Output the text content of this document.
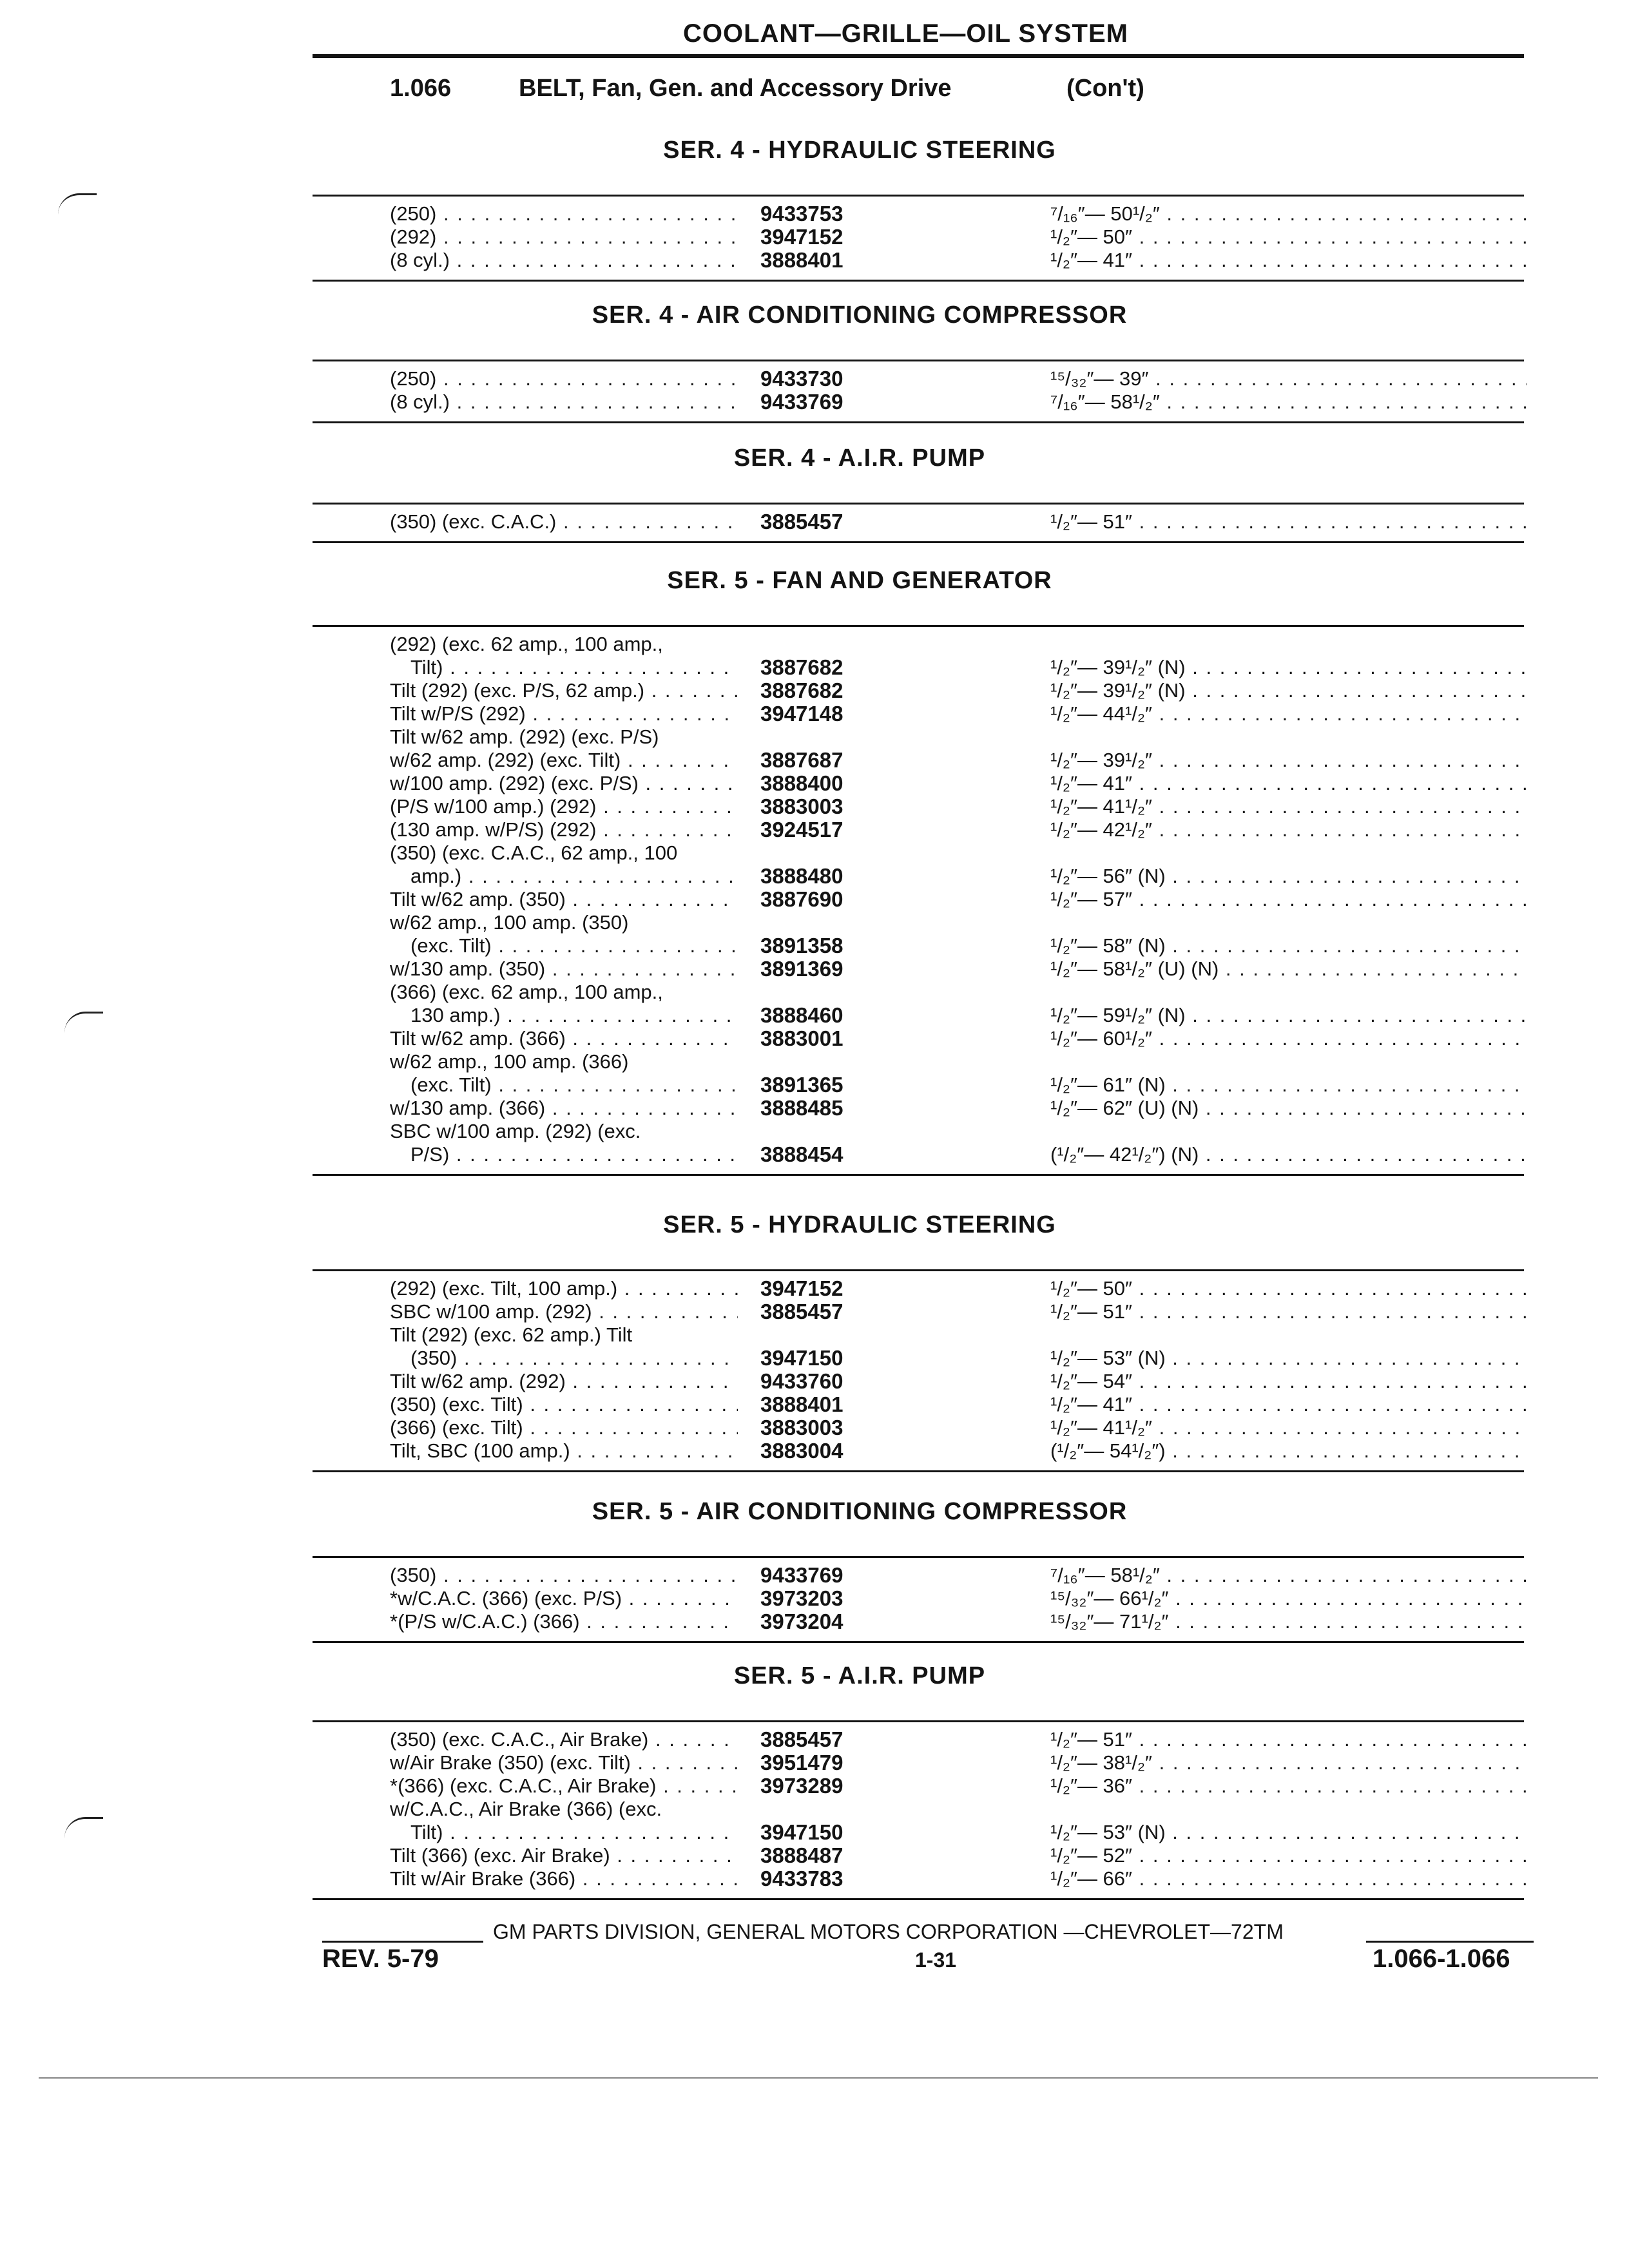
COOLANT—GRILLE—OIL SYSTEM
1.066	BELT, Fan, Gen. and Accessory Drive	(Con't)
SER. 4 - HYDRAULIC STEERING
(250) . . .	9433753	⁷/₁₆″— 50¹/₂″ . . .
(292) . . .	3947152	¹/₂″— 50″ . . .
(8 cyl.) . . .	3888401	¹/₂″— 41″ . . .
SER. 4 - AIR CONDITIONING COMPRESSOR
(250) . . .	9433730	¹⁵/₃₂″— 39″ . . .
(8 cyl.) . . .	9433769	⁷/₁₆″— 58¹/₂″ . . .
SER. 4 - A.I.R. PUMP
(350) (exc. C.A.C.) . . .	3885457	¹/₂″— 51″ . . .
SER. 5 - FAN AND GENERATOR
(292) (exc. 62 amp., 100 amp.,
Tilt) . . .	3887682	¹/₂″— 39¹/₂″ (N) . . .
Tilt (292) (exc. P/S, 62 amp.) . . .	3887682	¹/₂″— 39¹/₂″ (N) . . .
Tilt w/P/S (292) . . .	3947148	¹/₂″— 44¹/₂″ . . .
Tilt w/62 amp. (292) (exc. P/S)
w/62 amp. (292) (exc. Tilt) . . .	3887687	¹/₂″— 39¹/₂″ . . .
w/100 amp. (292) (exc. P/S) . . .	3888400	¹/₂″— 41″ . . .
(P/S w/100 amp.) (292) . . .	3883003	¹/₂″— 41¹/₂″ . . .
(130 amp. w/P/S) (292) . . .	3924517	¹/₂″— 42¹/₂″ . . .
(350) (exc. C.A.C., 62 amp., 100
amp.) . . .	3888480	¹/₂″— 56″ (N) . . .
Tilt w/62 amp. (350) . . .	3887690	¹/₂″— 57″ . . .
w/62 amp., 100 amp. (350)
(exc. Tilt) . . .	3891358	¹/₂″— 58″ (N) . . .
w/130 amp. (350) . . .	3891369	¹/₂″— 58¹/₂″ (U) (N) . . .
(366) (exc. 62 amp., 100 amp.,
130 amp.) . . .	3888460	¹/₂″— 59¹/₂″ (N) . . .
Tilt w/62 amp. (366) . . .	3883001	¹/₂″— 60¹/₂″ . . .
w/62 amp., 100 amp. (366)
(exc. Tilt) . . .	3891365	¹/₂″— 61″ (N) . . .
w/130 amp. (366) . . .	3888485	¹/₂″— 62″ (U) (N) . . .
SBC w/100 amp. (292) (exc.
P/S) . . .	3888454	(¹/₂″— 42¹/₂″) (N) . . .
SER. 5 - HYDRAULIC STEERING
(292) (exc. Tilt, 100 amp.) . . .	3947152	¹/₂″— 50″ . . .
SBC w/100 amp. (292) . . .	3885457	¹/₂″— 51″ . . .
Tilt (292) (exc. 62 amp.) Tilt
(350) . . .	3947150	¹/₂″— 53″ (N) . . .
Tilt w/62 amp. (292) . . .	9433760	¹/₂″— 54″ . . .
(350) (exc. Tilt) . . .	3888401	¹/₂″— 41″ . . .
(366) (exc. Tilt) . . .	3883003	¹/₂″— 41¹/₂″ . . .
Tilt, SBC (100 amp.) . . .	3883004	(¹/₂″— 54¹/₂″) . . .
SER. 5 - AIR CONDITIONING COMPRESSOR
(350) . . .	9433769	⁷/₁₆″— 58¹/₂″ . . .
*w/C.A.C. (366) (exc. P/S) . . .	3973203	¹⁵/₃₂″— 66¹/₂″ . . .
*(P/S w/C.A.C.) (366) . . .	3973204	¹⁵/₃₂″— 71¹/₂″ . . .
SER. 5 - A.I.R. PUMP
(350) (exc. C.A.C., Air Brake) . . .	3885457	¹/₂″— 51″ . . .
w/Air Brake (350) (exc. Tilt) . . .	3951479	¹/₂″— 38¹/₂″ . . .
*(366) (exc. C.A.C., Air Brake) . . .	3973289	¹/₂″— 36″ . . .
w/C.A.C., Air Brake (366) (exc.
Tilt) . . .	3947150	¹/₂″— 53″ (N) . . .
Tilt (366) (exc. Air Brake) . . .	3888487	¹/₂″— 52″ . . .
Tilt w/Air Brake (366) . . .	9433783	¹/₂″— 66″ . . .
GM PARTS DIVISION, GENERAL MOTORS CORPORATION —CHEVROLET—72TM
REV. 5-79	1-31	1.066-1.066
